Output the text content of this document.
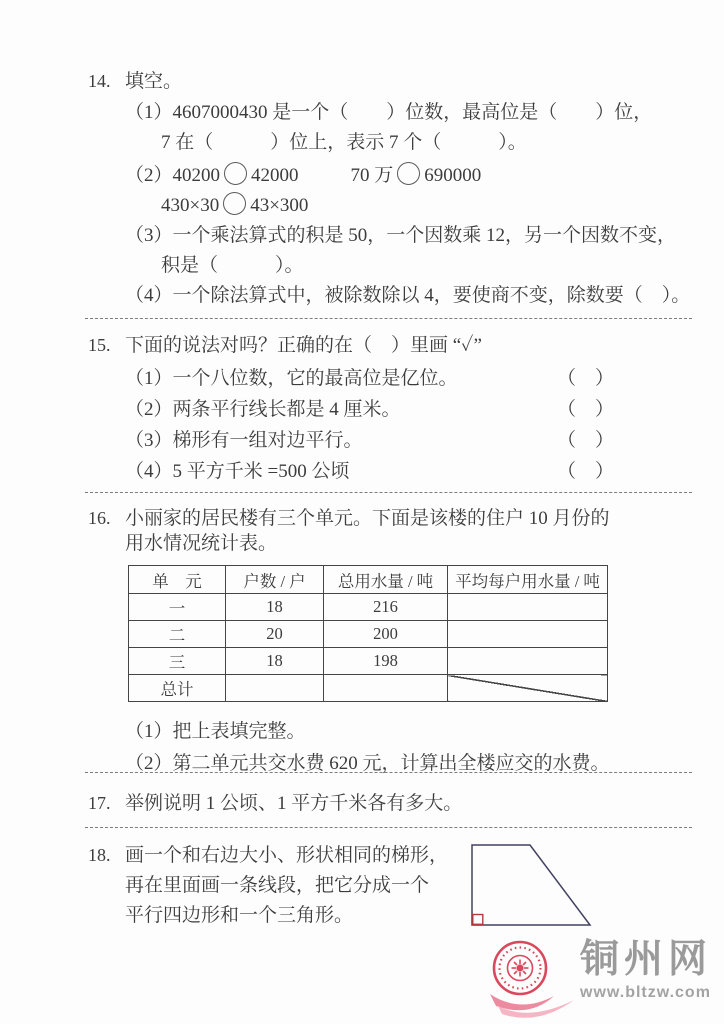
14. 填空。
（1）4607000430 是一个（　　）位数，最高位是（　　）位，
7 在（　　　）位上，表示 7 个（　　　）。
（2）40200 42000	70 万 690000
430×30 43×300
（3）一个乘法算式的积是 50，一个因数乘 12，另一个因数不变，
积是（　　　）。
（4）一个除法算式中，被除数除以 4，要使商不变，除数要（　）。
15. 下面的说法对吗？正确的在（　）里画 “✓”
（1）一个八位数，它的最高位是亿位。	（　）
（2）两条平行线长都是 4 厘米。	（　）
（3）梯形有一组对边平行。	（　）
（4）5 平方千米 =500 公顷	（　）
16. 小丽家的居民楼有三个单元。下面是该楼的住户 10 月份的
用水情况统计表。
单　元	户数 / 户	总用水量 / 吨	平均每户用水量 / 吨
一	18	216	
二	20	200	
三	18	198	
总计			
（1）把上表填完整。
（2）第二单元共交水费 620 元，计算出全楼应交的水费。
17. 举例说明 1 公顷、1 平方千米各有多大。
18. 画一个和右边大小、形状相同的梯形，
再在里面画一条线段，把它分成一个
平行四边形和一个三角形。
铜州网
www.bltzw.com
